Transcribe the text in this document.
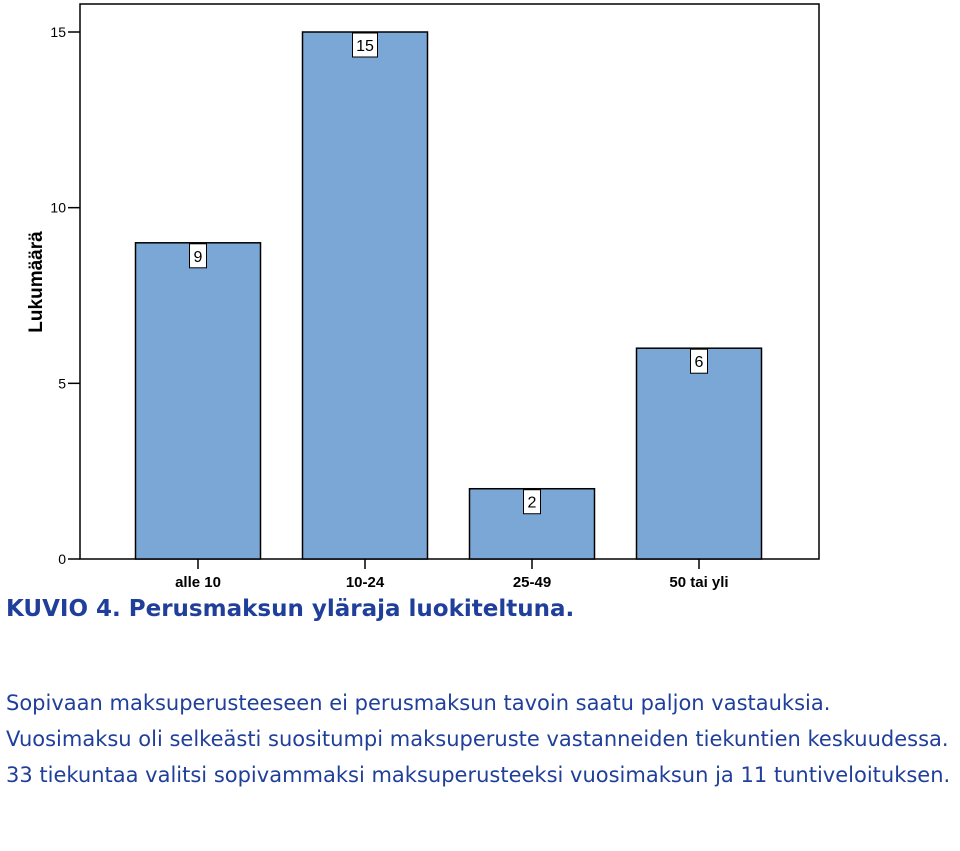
Lukumäärä
0
5
10
15
9
15
2
6
alle 10	10-24	25-49	50 tai yli
KUVIO 4. Perusmaksun yläraja luokiteltuna.

Sopivaan maksuperusteeseen ei perusmaksun tavoin saatu paljon vastauksia. Vuosimaksu oli selkeästi suositumpi maksuperuste vastanneiden tiekuntien keskuudessa. 33 tiekuntaa valitsi sopivammaksi maksuperusteeksi vuosimaksun ja 11 tuntiveloituksen.
